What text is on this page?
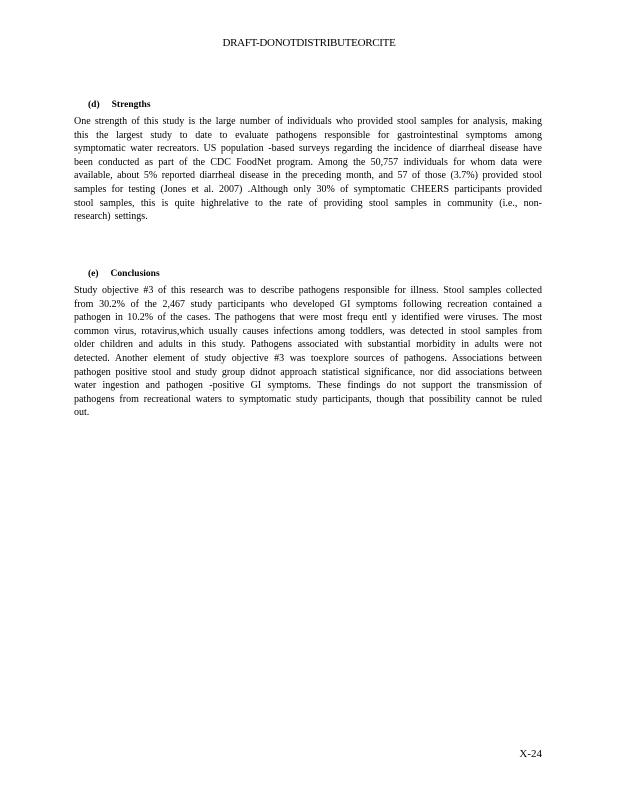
DRAFT-DONOTDISTRIBUTEORCITE
(d) Strengths

One strength of this study is the large number of individuals who provided stool samples for analysis, making this the largest study to date to evaluate pathogens responsible for gastrointestinal symptoms among symptomatic water recreators. US population -based surveys regarding the incidence of diarrheal disease have been conducted as part of the CDC FoodNet program. Among the 50,757 individuals for whom data were available, about 5% reported diarrheal disease in the preceding month, and 57 of those (3.7%) provided stool samples for testing (Jones et al. 2007) .Although only 30% of symptomatic CHEERS participants provided stool samples, this is quite highrelative to the rate of providing stool samples in community (i.e., non- research) settings.

(e) Conclusions

Study objective #3 of this research was to describe pathogens responsible for illness. Stool samples collected from 30.2% of the 2,467 study participants who developed GI symptoms following recreation contained a pathogen in 10.2% of the cases. The pathogens that were most frequ entl y identified were viruses. The most common virus, rotavirus,which usually causes infections among toddlers, was detected in stool samples from older children and adults in this study. Pathogens associated with substantial morbidity in adults were not detected. Another element of study objective #3 was toexplore sources of pathogens. Associations between pathogen positive stool and study group didnot approach statistical significance, nor did associations between water ingestion and pathogen -positive GI symptoms. These findings do not support the transmission of pathogens from recreational waters to symptomatic study participants, though that possibility cannot be ruled out.

X-24
